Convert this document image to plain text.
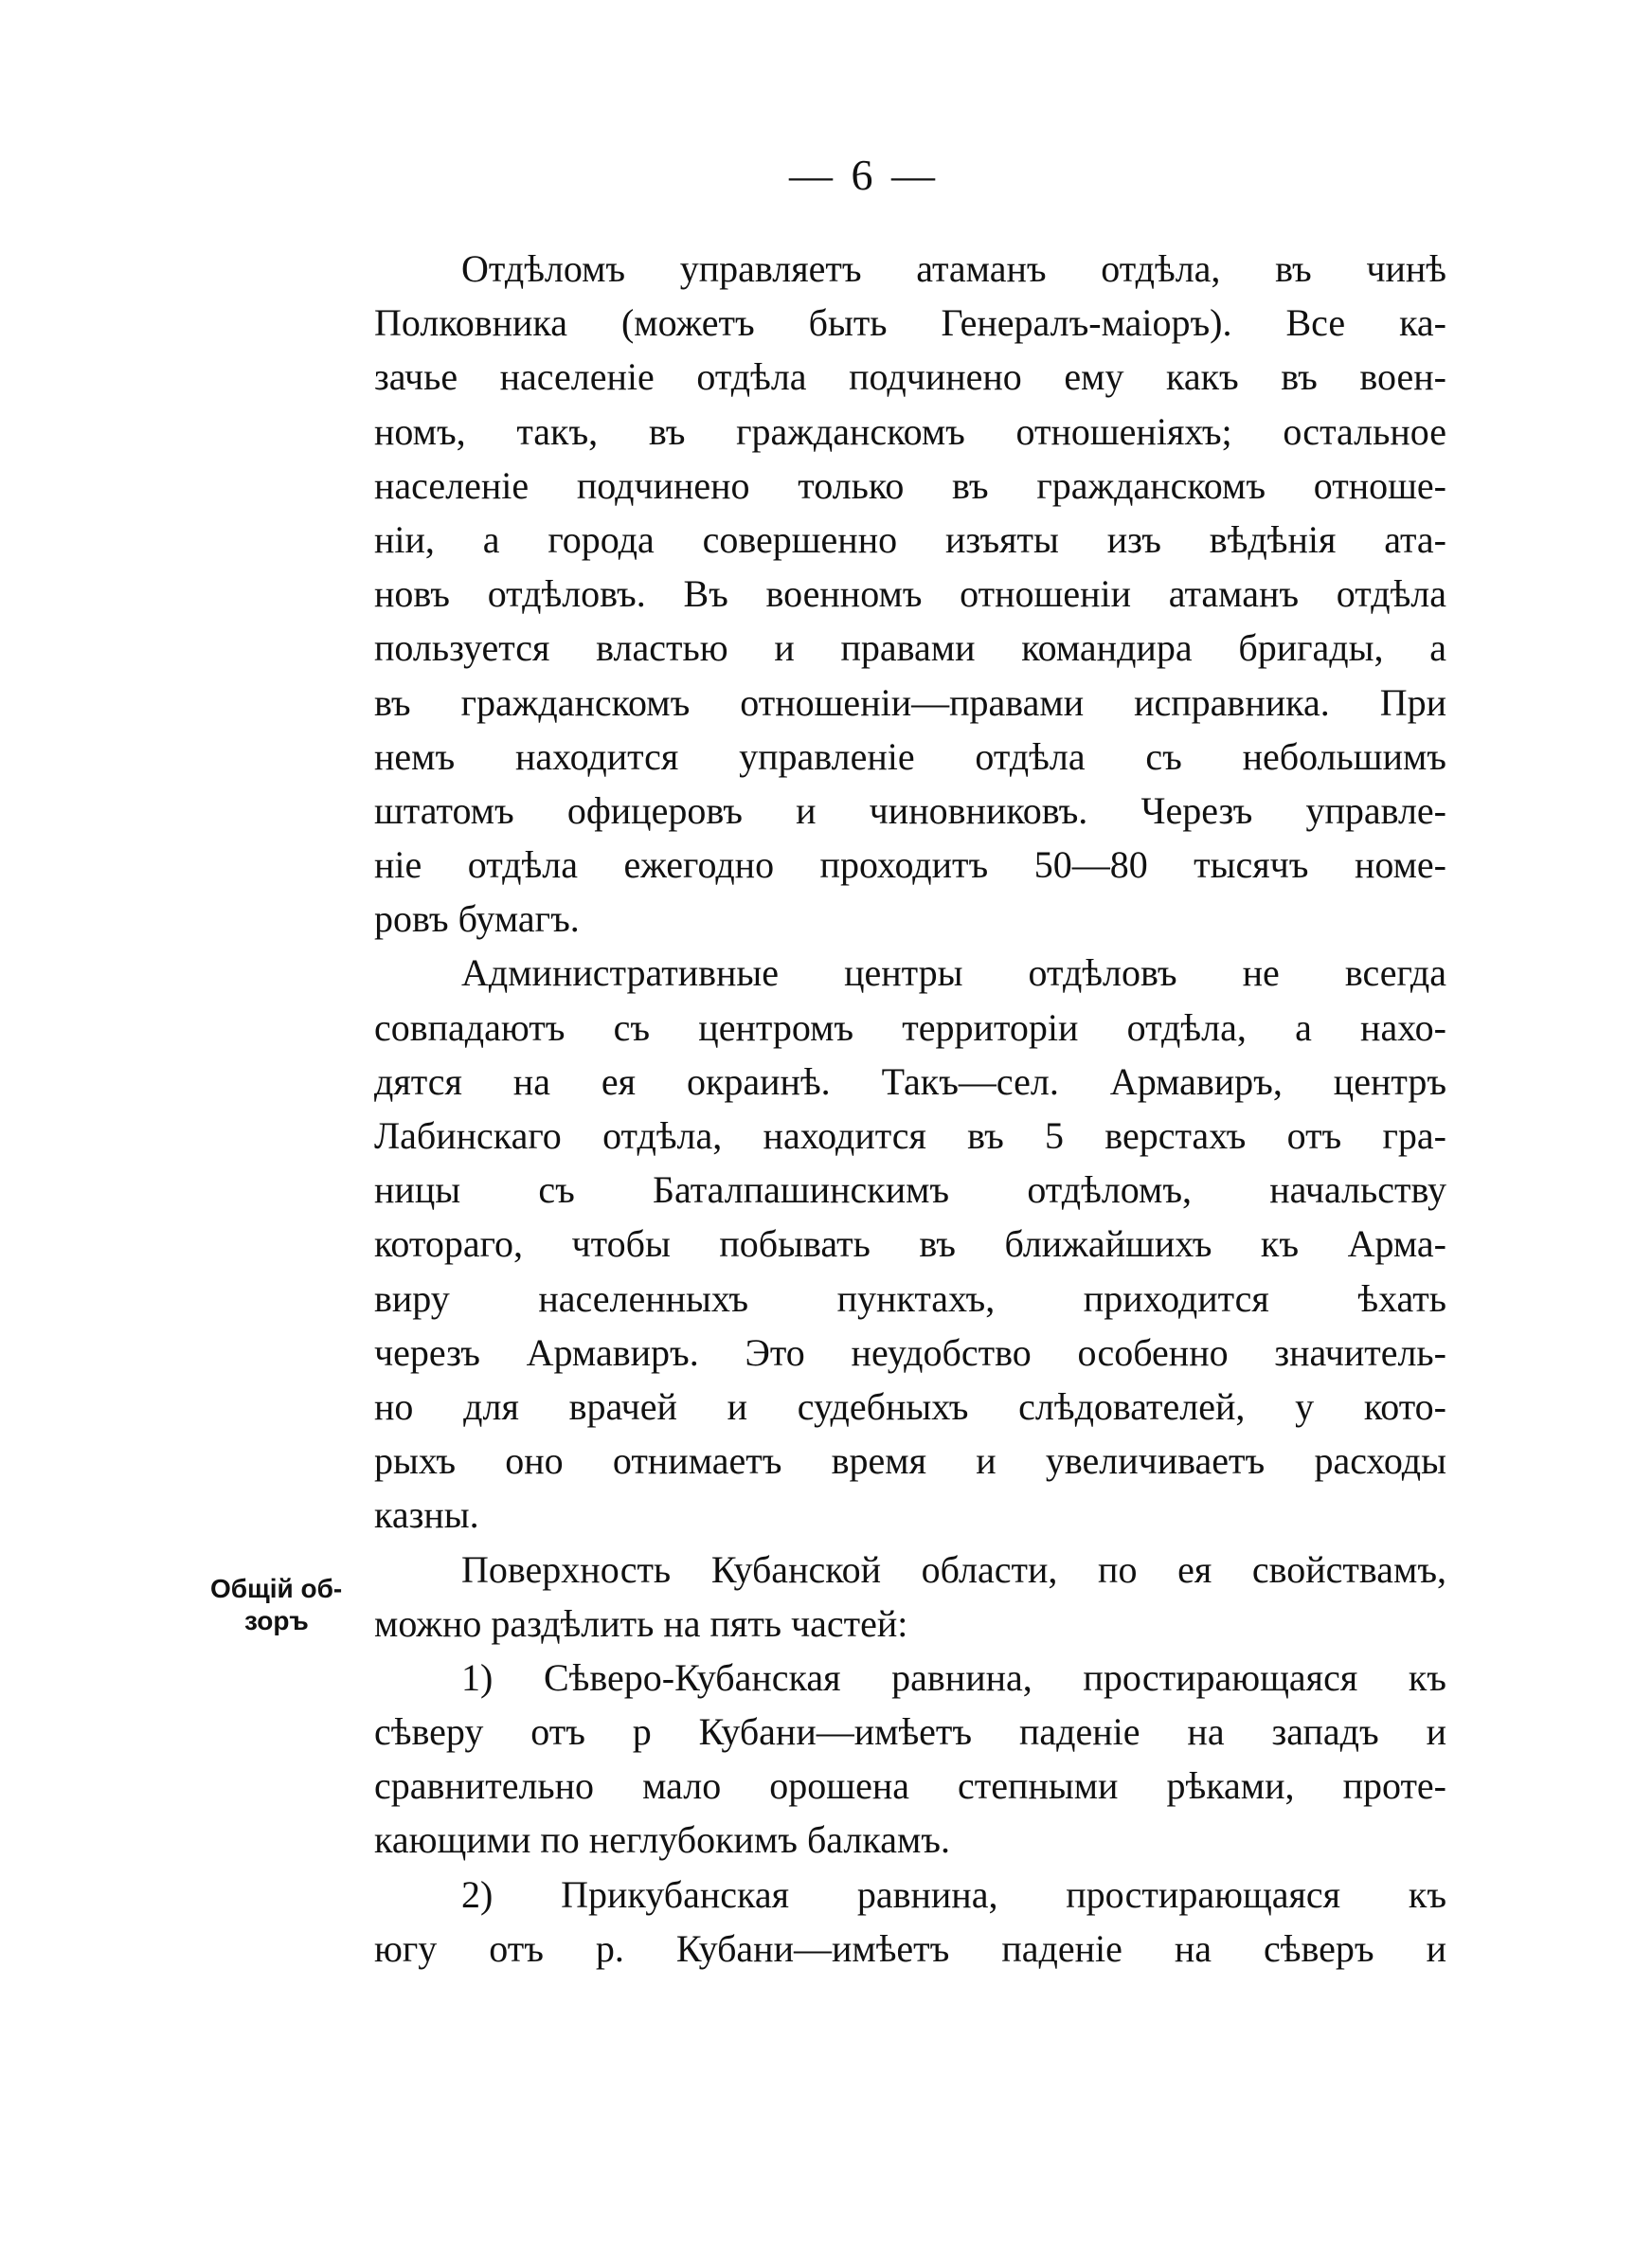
— 6 —
Общій об-
зоръ
Отдѣломъ управляетъ атаманъ отдѣла, въ чинѣ
Полковника (можетъ быть Генералъ-маіоръ). Все ка-
зачье населеніе отдѣла подчинено ему какъ въ воен-
номъ, такъ, въ гражданскомъ отношеніяхъ; остальное
населеніе подчинено только въ гражданскомъ отноше-
ніи, а города совершенно изъяты изъ вѣдѣнія ата-
новъ отдѣловъ. Въ военномъ отношеніи атаманъ отдѣла
пользуется властью и правами командира бригады, а
въ гражданскомъ отношеніи—правами исправника. При
немъ находится управленіе отдѣла съ небольшимъ
штатомъ офицеровъ и чиновниковъ. Черезъ управле-
ніе отдѣла ежегодно проходитъ 50—80 тысячъ номе-
ровъ бумагъ.
Административные центры отдѣловъ не всегда
совпадаютъ съ центромъ территоріи отдѣла, а нахо-
дятся на ея окраинѣ. Такъ—сел. Армавиръ, центръ
Лабинскаго отдѣла, находится въ 5 верстахъ отъ гра-
ницы съ Баталпашинскимъ отдѣломъ, начальству
котораго, чтобы побывать въ ближайшихъ къ Арма-
виру населенныхъ пунктахъ, приходится ѣхать
черезъ Армавиръ. Это неудобство особенно значитель-
но для врачей и судебныхъ слѣдователей, у кото-
рыхъ оно отнимаетъ время и увеличиваетъ расходы
казны.
Поверхность Кубанской области, по ея свойствамъ,
можно раздѣлить на пять частей:
1) Сѣверо-Кубанская равнина, простирающаяся къ
сѣверу отъ р Кубани—имѣетъ паденіе на западъ и
сравнительно мало орошена степными рѣками, проте-
кающими по неглубокимъ балкамъ.
2) Прикубанская равнина, простирающаяся къ
югу отъ р. Кубани—имѣетъ паденіе на сѣверъ и
